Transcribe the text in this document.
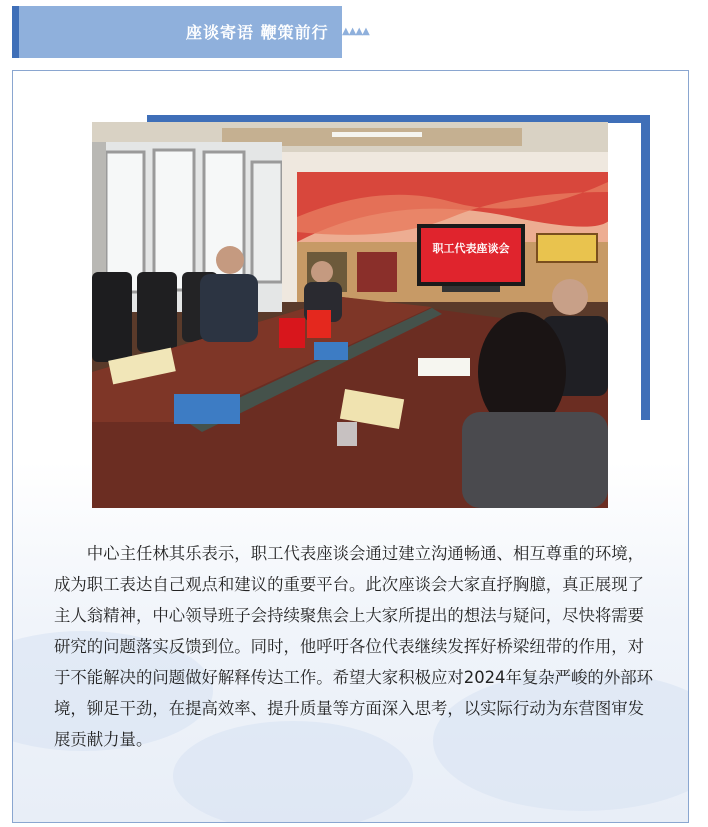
座谈寄语 鞭策前行 ▲▲▲▲
职工代表座谈会

中心主任林其乐表示，职工代表座谈会通过建立沟通畅通、相互尊重的环境，成为职工表达自己观点和建议的重要平台。此次座谈会大家直抒胸臆，真正展现了主人翁精神，中心领导班子会持续聚焦会上大家所提出的想法与疑问，尽快将需要研究的问题落实反馈到位。同时，他呼吁各位代表继续发挥好桥梁纽带的作用，对于不能解决的问题做好解释传达工作。希望大家积极应对2024年复杂严峻的外部环境，铆足干劲，在提高效率、提升质量等方面深入思考，以实际行动为东营图审发展贡献力量。
